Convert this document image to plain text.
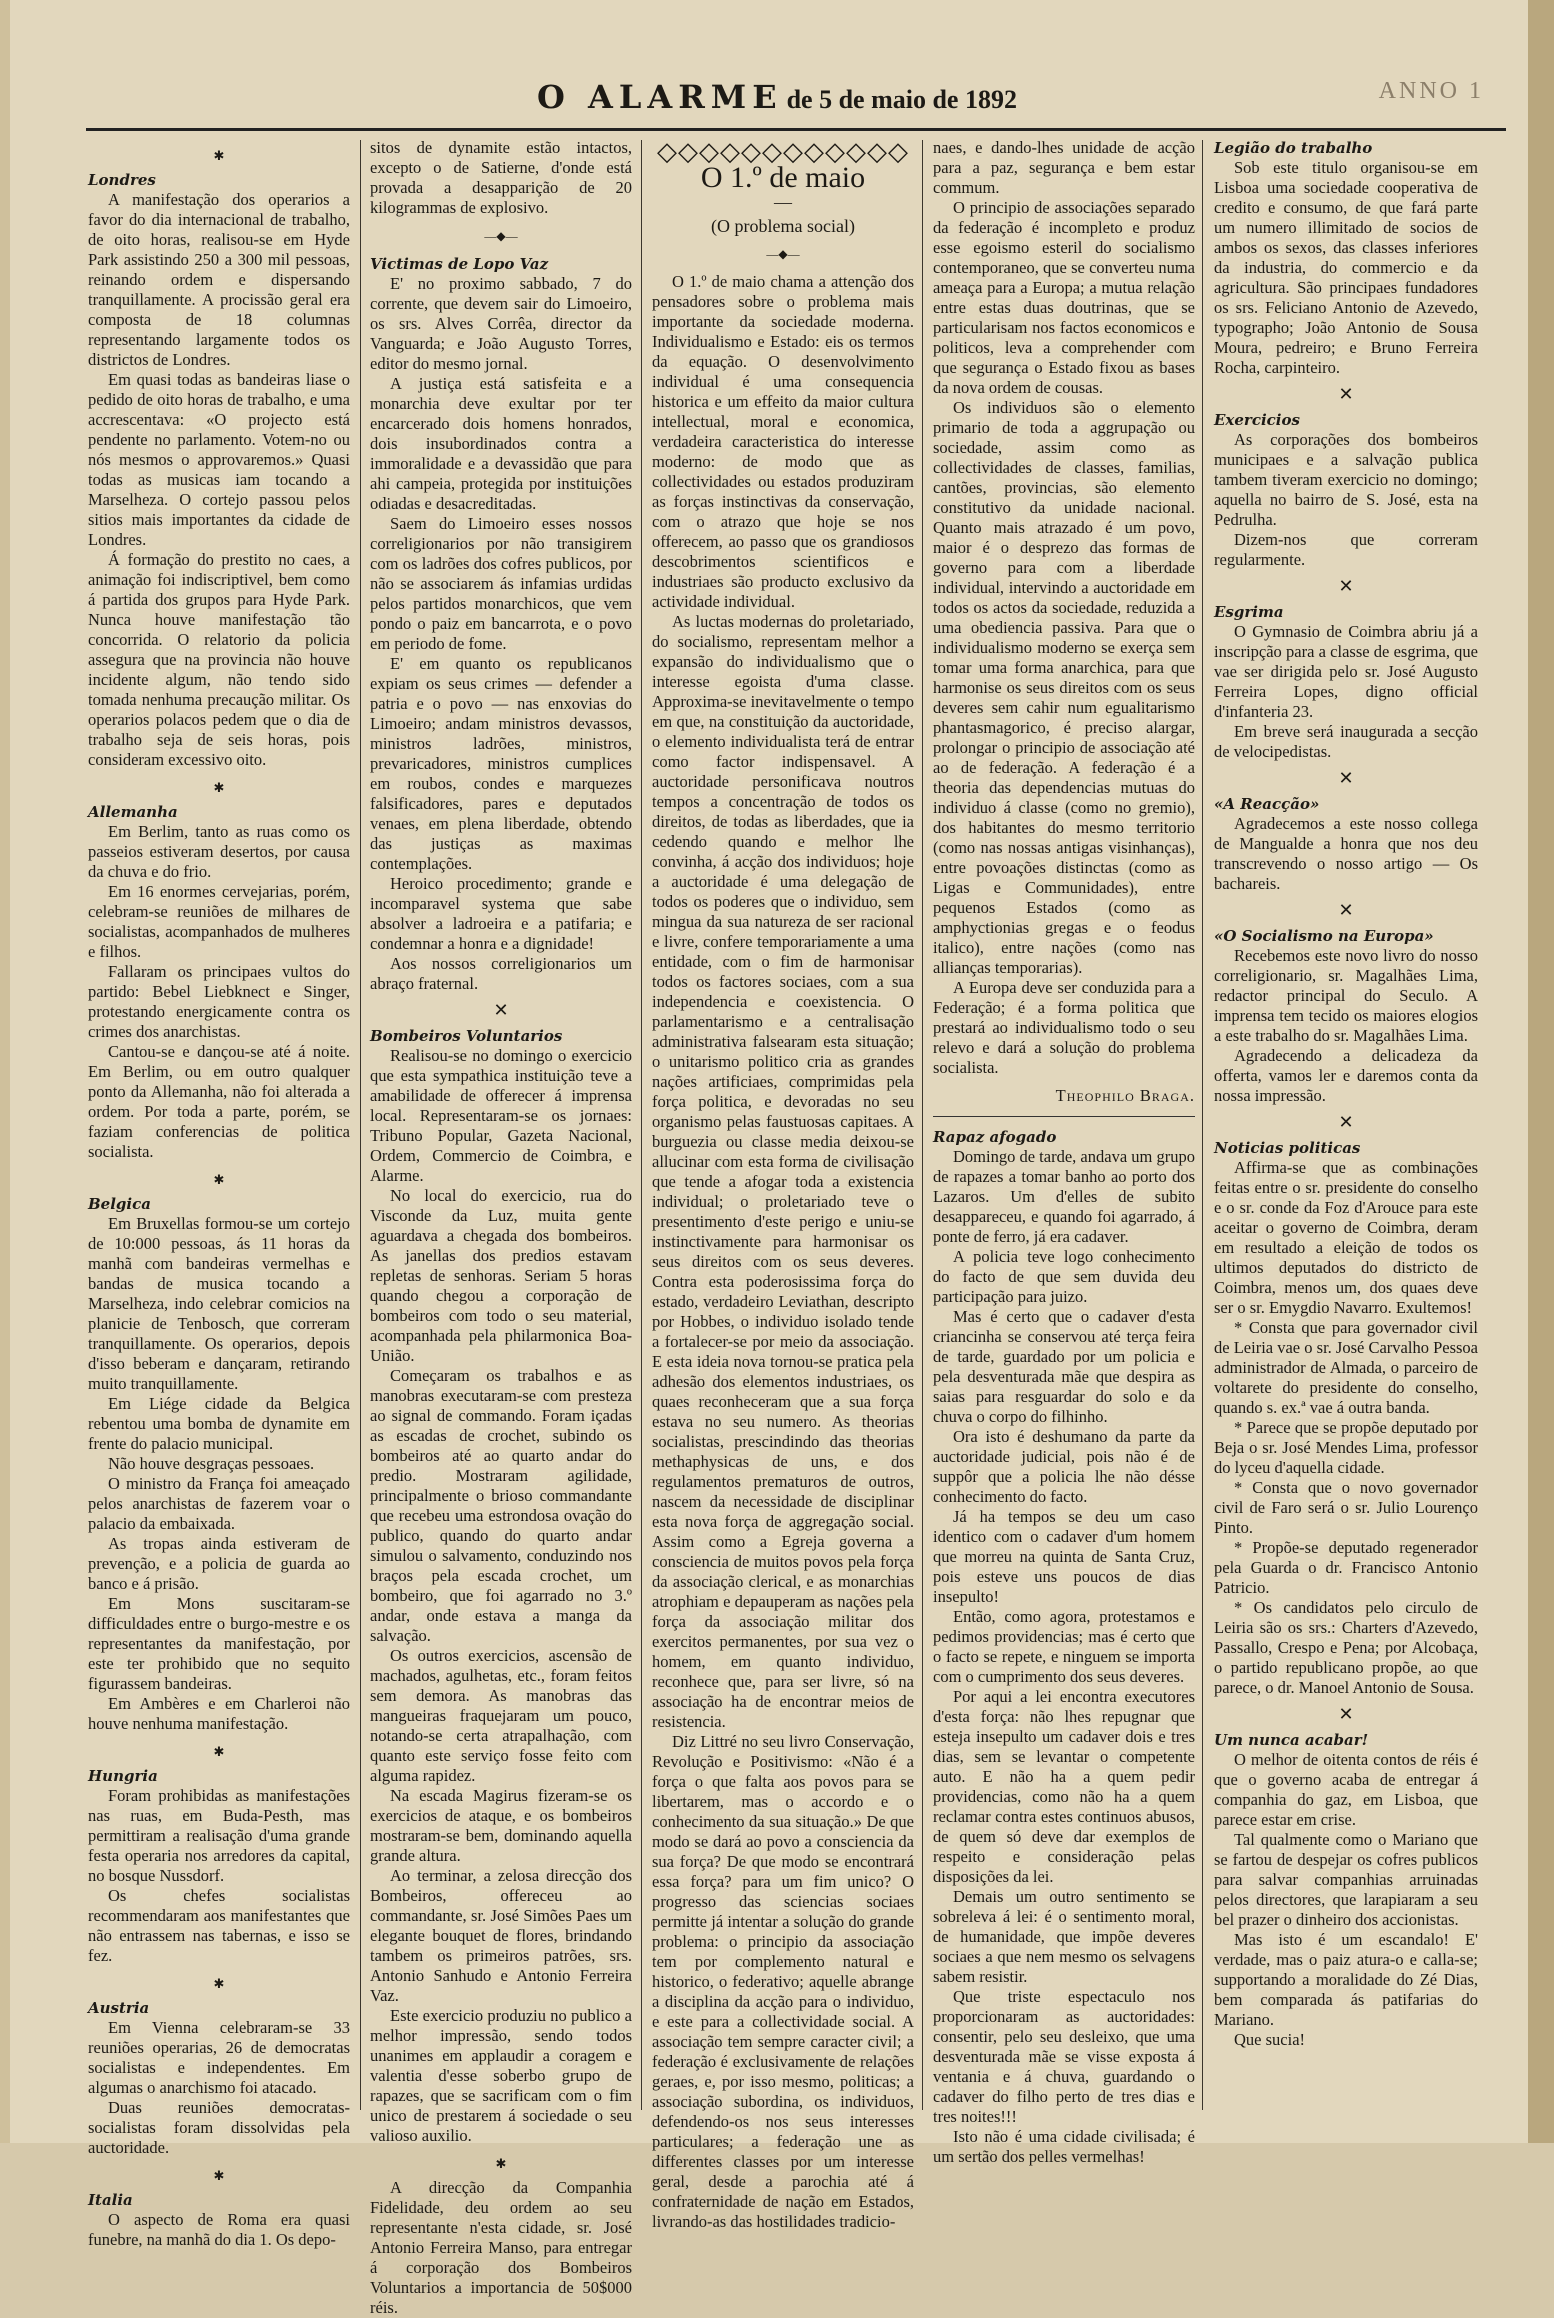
O ALARME de 5 de maio de 1892	ANNO 1
✱
Londres

A manifestação dos operarios a favor do dia internacional de trabalho, de oito horas, realisou-se em Hyde Park assistindo 250 a 300 mil pessoas, reinando ordem e dispersando tranquillamente. A procissão geral era composta de 18 columnas representando largamente todos os districtos de Londres.

Em quasi todas as bandeiras liase o pedido de oito horas de trabalho, e uma accrescentava: «O projecto está pendente no parlamento. Votem-no ou nós mesmos o approvaremos.» Quasi todas as musicas iam tocando a Marselheza. O cortejo passou pelos sitios mais importantes da cidade de Londres.

Á formação do prestito no caes, a animação foi indiscriptivel, bem como á partida dos grupos para Hyde Park. Nunca houve manifestação tão concorrida. O relatorio da policia assegura que na provincia não houve incidente algum, não tendo sido tomada nenhuma precaução militar. Os operarios polacos pedem que o dia de trabalho seja de seis horas, pois consideram excessivo oito.

✱
Allemanha

Em Berlim, tanto as ruas como os passeios estiveram desertos, por causa da chuva e do frio.

Em 16 enormes cervejarias, porém, celebram-se reuniões de milhares de socialistas, acompanhados de mulheres e filhos.

Fallaram os principaes vultos do partido: Bebel Liebknect e Singer, protestando energicamente contra os crimes dos anarchistas.

Cantou-se e dançou-se até á noite. Em Berlim, ou em outro qualquer ponto da Allemanha, não foi alterada a ordem. Por toda a parte, porém, se faziam conferencias de politica socialista.

✱
Belgica

Em Bruxellas formou-se um cortejo de 10:000 pessoas, ás 11 horas da manhã com bandeiras vermelhas e bandas de musica tocando a Marselheza, indo celebrar comicios na planicie de Tenbosch, que correram tranquillamente. Os operarios, depois d'isso beberam e dançaram, retirando muito tranquillamente.

Em Liége cidade da Belgica rebentou uma bomba de dynamite em frente do palacio municipal.

Não houve desgraças pessoaes.

O ministro da França foi ameaçado pelos anarchistas de fazerem voar o palacio da embaixada.

As tropas ainda estiveram de prevenção, e a policia de guarda ao banco e á prisão.

Em Mons suscitaram-se difficuldades entre o burgo-mestre e os representantes da manifestação, por este ter prohibido que no sequito figurassem bandeiras.

Em Ambères e em Charleroi não houve nenhuma manifestação.

✱
Hungria

Foram prohibidas as manifestações nas ruas, em Buda-Pesth, mas permittiram a realisação d'uma grande festa operaria nos arredores da capital, no bosque Nussdorf.

Os chefes socialistas recommendaram aos manifestantes que não entrassem nas tabernas, e isso se fez.

✱
Austria

Em Vienna celebraram-se 33 reuniões operarias, 26 de democratas socialistas e independentes. Em algumas o anarchismo foi atacado.

Duas reuniões democratas-socialistas foram dissolvidas pela auctoridade.

✱
Italia

O aspecto de Roma era quasi funebre, na manhã do dia 1. Os depo-

sitos de dynamite estão intactos, excepto o de Satierne, d'onde está provada a desapparição de 20 kilogrammas de explosivo.

—◆—
Victimas de Lopo Vaz

E' no proximo sabbado, 7 do corrente, que devem sair do Limoeiro, os srs. Alves Corrêa, director da Vanguarda; e João Augusto Torres, editor do mesmo jornal.

A justiça está satisfeita e a monarchia deve exultar por ter encarcerado dois homens honrados, dois insubordinados contra a immoralidade e a devassidão que para ahi campeia, protegida por instituições odiadas e desacreditadas.

Saem do Limoeiro esses nossos correligionarios por não transigirem com os ladrões dos cofres publicos, por não se associarem ás infamias urdidas pelos partidos monarchicos, que vem pondo o paiz em bancarrota, e o povo em periodo de fome.

E' em quanto os republicanos expiam os seus crimes — defender a patria e o povo — nas enxovias do Limoeiro; andam ministros devassos, ministros ladrões, ministros, prevaricadores, ministros cumplices em roubos, condes e marquezes falsificadores, pares e deputados venaes, em plena liberdade, obtendo das justiças as maximas contemplações.

Heroico procedimento; grande e incomparavel systema que sabe absolver a ladroeira e a patifaria; e condemnar a honra e a dignidade!

Aos nossos correligionarios um abraço fraternal.

✕
Bombeiros Voluntarios

Realisou-se no domingo o exercicio que esta sympathica instituição teve a amabilidade de offerecer á imprensa local. Representaram-se os jornaes: Tribuno Popular, Gazeta Nacional, Ordem, Commercio de Coimbra, e Alarme.

No local do exercicio, rua do Visconde da Luz, muita gente aguardava a chegada dos bombeiros. As janellas dos predios estavam repletas de senhoras. Seriam 5 horas quando chegou a corporação de bombeiros com todo o seu material, acompanhada pela philarmonica Boa-União.

Começaram os trabalhos e as manobras executaram-se com presteza ao signal de commando. Foram içadas as escadas de crochet, subindo os bombeiros até ao quarto andar do predio. Mostraram agilidade, principalmente o brioso commandante que recebeu uma estrondosa ovação do publico, quando do quarto andar simulou o salvamento, conduzindo nos braços pela escada crochet, um bombeiro, que foi agarrado no 3.º andar, onde estava a manga da salvação.

Os outros exercicios, ascensão de machados, agulhetas, etc., foram feitos sem demora. As manobras das mangueiras fraquejaram um pouco, notando-se certa atrapalhação, com quanto este serviço fosse feito com alguma rapidez.

Na escada Magirus fizeram-se os exercicios de ataque, e os bombeiros mostraram-se bem, dominando aquella grande altura.

Ao terminar, a zelosa direcção dos Bombeiros, offereceu ao commandante, sr. José Simões Paes um elegante bouquet de flores, brindando tambem os primeiros patrões, srs. Antonio Sanhudo e Antonio Ferreira Vaz.

Este exercicio produziu no publico a melhor impressão, sendo todos unanimes em applaudir a coragem e valentia d'esse soberbo grupo de rapazes, que se sacrificam com o fim unico de prestarem á sociedade o seu valioso auxilio.

✱

A direcção da Companhia Fidelidade, deu ordem ao seu representante n'esta cidade, sr. José Antonio Ferreira Manso, para entregar á corporação dos Bombeiros Voluntarios a importancia de 50$000 réis.

◇◇◇◇◇◇◇◇◇◇◇◇
O 1.º de maio
—
(O problema social)
—◆—

O 1.º de maio chama a attenção dos pensadores sobre o problema mais importante da sociedade moderna. Individualismo e Estado: eis os termos da equação. O desenvolvimento individual é uma consequencia historica e um effeito da maior cultura intellectual, moral e economica, verdadeira caracteristica do interesse moderno: de modo que as collectividades ou estados produziram as forças instinctivas da conservação, com o atrazo que hoje se nos offerecem, ao passo que os grandiosos descobrimentos scientificos e industriaes são producto exclusivo da actividade individual.

As luctas modernas do proletariado, do socialismo, representam melhor a expansão do individualismo que o interesse egoista d'uma classe. Approxima-se inevitavelmente o tempo em que, na constituição da auctoridade, o elemento individualista terá de entrar como factor indispensavel. A auctoridade personificava noutros tempos a concentração de todos os direitos, de todas as liberdades, que ia cedendo quando e melhor lhe convinha, á acção dos individuos; hoje a auctoridade é uma delegação de todos os poderes que o individuo, sem mingua da sua natureza de ser racional e livre, confere temporariamente a uma entidade, com o fim de harmonisar todos os factores sociaes, com a sua independencia e coexistencia. O parlamentarismo e a centralisação administrativa falsearam esta situação; o unitarismo politico cria as grandes nações artificiaes, comprimidas pela força politica, e devoradas no seu organismo pelas faustuosas capitaes. A burguezia ou classe media deixou-se allucinar com esta forma de civilisação que tende a afogar toda a existencia individual; o proletariado teve o presentimento d'este perigo e uniu-se instinctivamente para harmonisar os seus direitos com os seus deveres. Contra esta poderosissima força do estado, verdadeiro Leviathan, descripto por Hobbes, o individuo isolado tende a fortalecer-se por meio da associação. E esta ideia nova tornou-se pratica pela adhesão dos elementos industriaes, os quaes reconheceram que a sua força estava no seu numero. As theorias socialistas, prescindindo das theorias methaphysicas de uns, e dos regulamentos prematuros de outros, nascem da necessidade de disciplinar esta nova força de aggregação social. Assim como a Egreja governa a consciencia de muitos povos pela força da associação clerical, e as monarchias atrophiam e depauperam as nações pela força da associação militar dos exercitos permanentes, por sua vez o homem, em quanto individuo, reconhece que, para ser livre, só na associação ha de encontrar meios de resistencia.

Diz Littré no seu livro Conservação, Revolução e Positivismo: «Não é a força o que falta aos povos para se libertarem, mas o accordo e o conhecimento da sua situação.» De que modo se dará ao povo a consciencia da sua força? De que modo se encontrará essa força? para um fim unico? O progresso das sciencias sociaes permitte já intentar a solução do grande problema: o principio da associação tem por complemento natural e historico, o federativo; aquelle abrange a disciplina da acção para o individuo, e este para a collectividade social. A associação tem sempre caracter civil; a federação é exclusivamente de relações geraes, e, por isso mesmo, politicas; a associação subordina, os individuos, defendendo-os nos seus interesses particulares; a federação une as differentes classes por um interesse geral, desde a parochia até á confraternidade de nação em Estados, livrando-as das hostilidades tradicio-

naes, e dando-lhes unidade de acção para a paz, segurança e bem estar commum.

O principio de associações separado da federação é incompleto e produz esse egoismo esteril do socialismo contemporaneo, que se converteu numa ameaça para a Europa; a mutua relação entre estas duas doutrinas, que se particularisam nos factos economicos e politicos, leva a comprehender com que segurança o Estado fixou as bases da nova ordem de cousas.

Os individuos são o elemento primario de toda a aggrupação ou sociedade, assim como as collectividades de classes, familias, cantões, provincias, são elemento constitutivo da unidade nacional. Quanto mais atrazado é um povo, maior é o desprezo das formas de governo para com a liberdade individual, intervindo a auctoridade em todos os actos da sociedade, reduzida a uma obediencia passiva. Para que o individualismo moderno se exerça sem tomar uma forma anarchica, para que harmonise os seus direitos com os seus deveres sem cahir num egualitarismo phantasmagorico, é preciso alargar, prolongar o principio de associação até ao de federação. A federação é a theoria das dependencias mutuas do individuo á classe (como no gremio), dos habitantes do mesmo territorio (como nas nossas antigas visinhanças), entre povoações distinctas (como as Ligas e Communidades), entre pequenos Estados (como as amphyctionias gregas e o feodus italico), entre nações (como nas allianças temporarias).

A Europa deve ser conduzida para a Federação; é a forma politica que prestará ao individualismo todo o seu relevo e dará a solução do problema socialista.

Theophilo Braga.
Rapaz afogado

Domingo de tarde, andava um grupo de rapazes a tomar banho ao porto dos Lazaros. Um d'elles de subito desappareceu, e quando foi agarrado, á ponte de ferro, já era cadaver.

A policia teve logo conhecimento do facto de que sem duvida deu participação para juizo.

Mas é certo que o cadaver d'esta criancinha se conservou até terça feira de tarde, guardado por um policia e pela desventurada mãe que despira as saias para resguardar do solo e da chuva o corpo do filhinho.

Ora isto é deshumano da parte da auctoridade judicial, pois não é de suppôr que a policia lhe não désse conhecimento do facto.

Já ha tempos se deu um caso identico com o cadaver d'um homem que morreu na quinta de Santa Cruz, pois esteve uns poucos de dias insepulto!

Então, como agora, protestamos e pedimos providencias; mas é certo que o facto se repete, e ninguem se importa com o cumprimento dos seus deveres.

Por aqui a lei encontra executores d'esta força: não lhes repugnar que esteja insepulto um cadaver dois e tres dias, sem se levantar o competente auto. E não ha a quem pedir providencias, como não ha a quem reclamar contra estes continuos abusos, de quem só deve dar exemplos de respeito e consideração pelas disposições da lei.

Demais um outro sentimento se sobreleva á lei: é o sentimento moral, de humanidade, que impõe deveres sociaes a que nem mesmo os selvagens sabem resistir.

Que triste espectaculo nos proporcionaram as auctoridades: consentir, pelo seu desleixo, que uma desventurada mãe se visse exposta á ventania e á chuva, guardando o cadaver do filho perto de tres dias e tres noites!!!

Isto não é uma cidade civilisada; é um sertão dos pelles vermelhas!

Legião do trabalho

Sob este titulo organisou-se em Lisboa uma sociedade cooperativa de credito e consumo, de que fará parte um numero illimitado de socios de ambos os sexos, das classes inferiores da industria, do commercio e da agricultura. São principaes fundadores os srs. Feliciano Antonio de Azevedo, typographo; João Antonio de Sousa Moura, pedreiro; e Bruno Ferreira Rocha, carpinteiro.

✕
Exercicios

As corporações dos bombeiros municipaes e a salvação publica tambem tiveram exercicio no domingo; aquella no bairro de S. José, esta na Pedrulha.

Dizem-nos que correram regularmente.

✕
Esgrima

O Gymnasio de Coimbra abriu já a inscripção para a classe de esgrima, que vae ser dirigida pelo sr. José Augusto Ferreira Lopes, digno official d'infanteria 23.

Em breve será inaugurada a secção de velocipedistas.

✕
«A Reacção»

Agradecemos a este nosso collega de Mangualde a honra que nos deu transcrevendo o nosso artigo — Os bachareis.

✕
«O Socialismo na Europa»

Recebemos este novo livro do nosso correligionario, sr. Magalhães Lima, redactor principal do Seculo. A imprensa tem tecido os maiores elogios a este trabalho do sr. Magalhães Lima.

Agradecendo a delicadeza da offerta, vamos ler e daremos conta da nossa impressão.

✕
Noticias politicas

Affirma-se que as combinações feitas entre o sr. presidente do conselho e o sr. conde da Foz d'Arouce para este aceitar o governo de Coimbra, deram em resultado a eleição de todos os ultimos deputados do districto de Coimbra, menos um, dos quaes deve ser o sr. Emygdio Navarro. Exultemos!

* Consta que para governador civil de Leiria vae o sr. José Carvalho Pessoa administrador de Almada, o parceiro de voltarete do presidente do conselho, quando s. ex.ª vae á outra banda.

* Parece que se propõe deputado por Beja o sr. José Mendes Lima, professor do lyceu d'aquella cidade.

* Consta que o novo governador civil de Faro será o sr. Julio Lourenço Pinto.

* Propõe-se deputado regenerador pela Guarda o dr. Francisco Antonio Patricio.

* Os candidatos pelo circulo de Leiria são os srs.: Charters d'Azevedo, Passallo, Crespo e Pena; por Alcobaça, o partido republicano propõe, ao que parece, o dr. Manoel Antonio de Sousa.

✕
Um nunca acabar!

O melhor de oitenta contos de réis é que o governo acaba de entregar á companhia do gaz, em Lisboa, que parece estar em crise.

Tal qualmente como o Mariano que se fartou de despejar os cofres publicos para salvar companhias arruinadas pelos directores, que larapiaram a seu bel prazer o dinheiro dos accionistas.

Mas isto é um escandalo! E' verdade, mas o paiz atura-o e calla-se; supportando a moralidade do Zé Dias, bem comparada ás patifarias do Mariano.

Que sucia!
